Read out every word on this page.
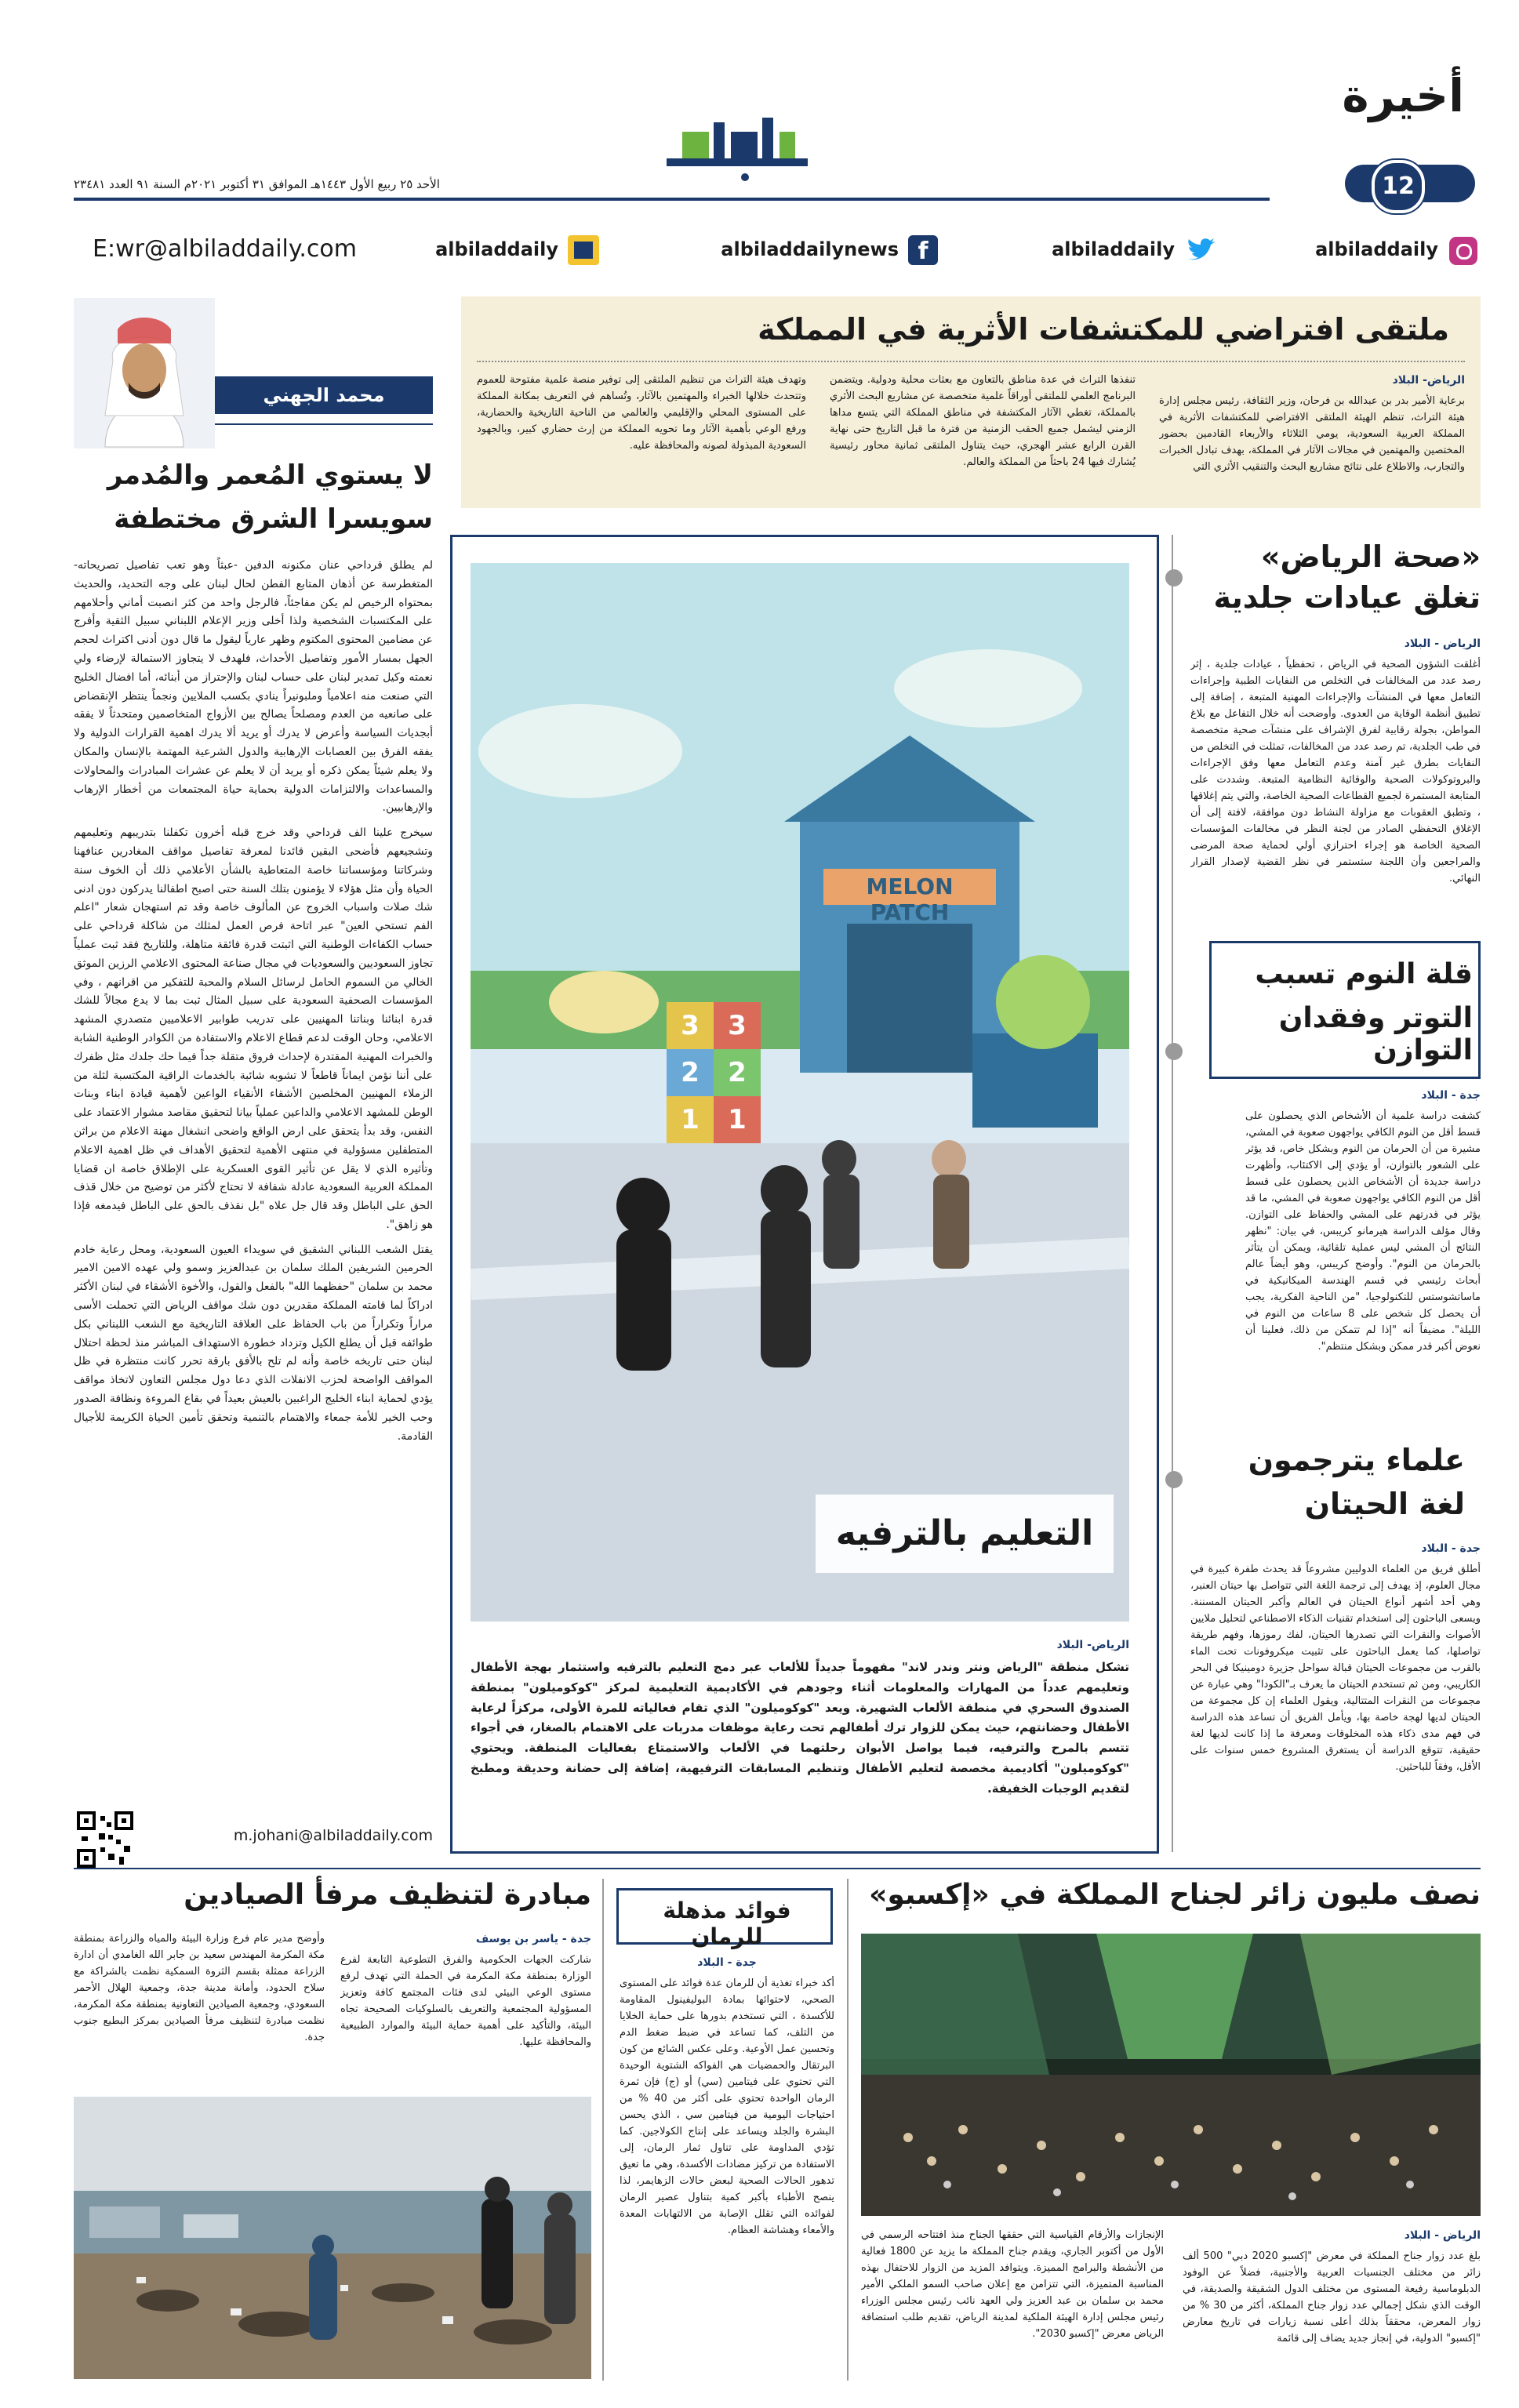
أخيرة
12
الأحد ٢٥ ربيع الأول ١٤٤٣هـ الموافق ٣١ أكتوبر ٢٠٢١م السنة ٩١ العدد ٢٣٤٨١
albiladdaily
albiladdaily
f
albiladdailynews
albiladdaily
E:wr@albiladdaily.com
ملتقى افتراضي للمكتشفات الأثرية في المملكة
الرياض- البلاد
برعاية الأمير بدر بن عبدالله بن فرحان، وزير الثقافة، رئيس مجلس إدارة هيئة التراث، تنظم الهيئة الملتقى الافتراضي للمكتشفات الأثرية في المملكة العربية السعودية، يومي الثلاثاء والأربعاء القادمين بحضور المختصين والمهتمين في مجالات الآثار في المملكة، بهدف تبادل الخبرات والتجارب، والاطلاع على نتائج مشاريع البحث والتنقيب الأثري التي
تنفذها التراث في عدة مناطق بالتعاون مع بعثات محلية ودولية. ويتضمن البرنامج العلمي للملتقى أوراقاً علمية متخصصة عن مشاريع البحث الأثري بالمملكة، تغطي الآثار المكتشفة في مناطق المملكة التي يتسع مداها الزمني ليشمل جميع الحقب الزمنية من فترة ما قبل التاريخ حتى نهاية القرن الرابع عشر الهجري، حيث يتناول الملتقى ثمانية محاور رئيسية يُشارك فيها 24 باحثاً من المملكة والعالم.
وتهدف هيئة التراث من تنظيم الملتقى إلى توفير منصة علمية مفتوحة للعموم وتتحدث خلالها الخبراء والمهتمين بالآثار، وتُساهم في التعريف بمكانة المملكة على المستوى المحلي والإقليمي والعالمي من الناحية التاريخية والحضارية، ورفع الوعي بأهمية الآثار وما تحويه المملكة من إرث حضاري كبير، وبالجهود السعودية المبذولة لصونه والمحافظة عليه.
محمد الجهني
لا يستوي المُعمر والمُدمر
سويسرا الشرق مختطفة

لم يطلق قرداحي عنان مكنونه الدفين -عبثاً وهو تعب تفاصيل تصريحاته- المتغطرسة عن أذهان المتابع الفطن لحال لبنان على وجه التحديد، والحديث بمحتواه الرخيص لم يكن مفاجئاً، فالرجل واحد من كثر انصبت أماني وأحلامهم على المكتسبات الشخصية ولذا أخلى وزير الإعلام اللبناني سبيل الثقية وأفرج عن مضامين المحتوى المكتوم وظهر عارياً ليقول ما قال دون أدنى اكتراث لحجم الجهل بمسار الأمور وتفاصيل الأحداث، فلهدف لا يتجاوز الاستمالة لإرضاء ولي نعمته وكيل تمدير لبنان على حساب لبنان والإحتراز من أبنائه، أما افضال الخليج التي صنعت منه اعلامياً وملبونيراً ينادي بكسب الملايين ونجماً ينتظر الإنقضاض على صانعيه من العدم ومصلحاً يصالح بين الأزواج المتخاصمين ومتحدثاً لا يفقه أبجديات السياسة وأعرض لا يدرك أو يريد ألا يدرك اهمية القرارات الدولية ولا يفقه الفرق بين العصابات الإرهابية والدول الشرعية المهتمة بالإنسان والمكان ولا يعلم شيئاً يمكن ذكره أو يريد أن لا يعلم عن عشرات المبادرات والمحاولات والمساعدات والالتزامات الدولية بحماية حياة المجتمعات من أخطار الإرهاب والإرهابيين.

سيخرج علينا الف قرداحي وقد خرج قبله أخرون تكفلنا بتدريبهم وتعليمهم وتشجيعهم فأضحى البقين قائدنا لمعرفة تفاصيل مواقف المغادرين عنافهنا وشركاتنا ومؤسساتنا خاصة المتعاطية بالشأن الأعلامي ذلك أن الخوف سنة الحياة وأن مثل هؤلاء لا يؤمنون بتلك السنة حتى اصبح اطفالنا يدركون دون ادنى شك صلات واسباب الخروج عن المألوف خاصة وقد تم استهجان شعار "اعلم الفم تستحي العين" عبر اتاحة فرص العمل لمثلك من شاكلة قرداحي على حساب الكفاءات الوطنية التي اثبتت قدرة فائقة متاهلة، وللتاريخ فقد ثبت عملياً تجاوز السعوديين والسعوديات في مجال صناعة المحتوى الاعلامي الرزين الموثق الخالي من السموم الحامل لرسائل السلام والمحبة للتفكير من اقرانهم ، وفي المؤسسات الصحفية السعودية على سبيل المثال ثبت بما لا يدع مجالاً للشك قدرة ابنائنا وبناتنا المهنيين على تدريب طوابير الاعلاميين متصدري المشهد الاعلامي، وحان الوقت لدعم قطاع الاعلام والاستفادة من الكوادر الوطنية الشابة والخبرات المهنية المقتدرة لإحداث فروق متقلة جداً فيما حك جلدك مثل ظفرك على أننا نؤمن ايماناً قاطعاً لا تشوبه شائبة بالخدمات الراقية المكتسبة لثلة من الزملاء المهنيين المخلصين الأشقاء الأنقياء الواعين لأهمية قيادة ابناء وبنات الوطن للمشهد الاعلامي والداعين عملياً بيانا لتحقيق مقاصد مشوار الاعتماد على النفس، وقد بدأ يتحقق على ارض الواقع واضحى انشغال مهنة الاعلام من براثن المتطفلين مسؤولية في منتهى الأهمية لتحقيق الأهداف في ظل اهمية الاعلام وتأثيره الذي لا يقل عن تأثير القوى العسكرية على الإطلاق خاصة ان قضايا المملكة العربية السعودية عادلة شفافة لا تحتاج لأكثر من توضيح من خلال قذف الحق على الباطل وقد قال جل علاه "بل نقذف بالحق على الباطل فيدمغه فإذا هو زاهق".

يقتل الشعب اللبناني الشقيق في سويداء العيون السعودية، ومحل رعاية خادم الحرمين الشريفين الملك سلمان بن عبدالعزيز وسمو ولي عهده الامين الامير محمد بن سلمان "حفظهما الله" بالفعل والقول، والأخوة الأشقاء في لبنان الأكثر ادراكاً لما قامته المملكة مقدرين دون شك مواقف الرياض التي تحملت الأسى مراراً وتكراراً من باب الحفاظ على العلاقة التاريخية مع الشعب اللبناني بكل طوائفه قبل أن يطلع الكيل وتزداد خطورة الاستهداف المباشر منذ لحظة احتلال لبنان حتى تاريخه خاصة وأنه لم تلح بالأفق بارقة تحرر كانت منتظرة في ظل المواقف الواضحة لحزب الانفلات الذي دعا دول مجلس التعاون لاتخاذ مواقف يؤدي لحماية ابناء الخليج الراغبين بالعيش بعيداً في بقاع المروءة ونظافة الصدور وحب الخير للأمة جمعاء والاهتمام بالتنمية وتحقق تأمين الحياة الكريمة للأجيال القادمة.

m.johani@albiladdaily.com
MELON PATCH
3	3
2	2
1	1
التعليم بالترفيه
الرياض- البلاد
تشكل منطقة "الرياض ونتر وندر لاند" مفهوماً جديداً للألعاب عبر دمج التعليم بالترفيه واستثمار بهجة الأطفال وتعليمهم عدداً من المهارات والمعلومات أثناء وجودهم في الأكاديمية التعليمية لمركز "كوكوميلون" بمنطقة الصندوق السحري في منطقة الألعاب الشهيرة. ويعد "كوكوميلون" الذي تقام فعالياته للمرة الأولى، مركزاً لرعاية الأطفال وحضانتهم، حيث يمكن للزوار ترك أطفالهم تحت رعاية موظفات مدربات على الاهتمام بالصغار، في أجواء تتسم بالمرح والترفيه، فيما يواصل الأبوان رحلتهما في الألعاب والاستمتاع بفعاليات المنطقة. ويحتوي "كوكوميلون" أكاديمية مخصصة لتعليم الأطفال وتنظيم المسابقات الترفيهية، إضافة إلى حضانة وحديقة ومطبخ لتقديم الوجبات الخفيفة.
«صحة الرياض»
تغلق عيادات جلدية
الرياض - البلاد
أغلقت الشؤون الصحية في الرياض ، تحفظياً ، عيادات جلدية ، إثر رصد عدد من المخالفات في التخلص من النفايات الطبية وإجراءات التعامل معها في المنشآت والإجراءات المهنية المتبعة ، إضافة إلى تطبيق أنظمة الوقاية من العدوى. وأوضحت أنه خلال التفاعل مع بلاغ المواطن، بجولة رقابية لفرق الإشراف على منشآت صحية متخصصة في طب الجلدية، تم رصد عدد من المخالفات، تمثلت في التخلص من النفايات بطرق غير آمنة وعدم التعامل معها وفق الإجراءات والبروتوكولات الصحية والوقائية النظامية المتبعة. وشددت على المتابعة المستمرة لجميع القطاعات الصحية الخاصة، والتي يتم إغلاقها ، وتطبق العقوبات مع مزاولة النشاط دون موافقة، لافتة إلى أن الإغلاق التحفظي الصادر من لجنة النظر في مخالفات المؤسسات الصحية الخاصة هو إجراء احترازي أولي لحماية صحة المرضى والمراجعين وأن اللجنة ستستمر في نظر القضية لإصدار القرار النهائي.
قلة النوم تسبب
التوتر وفقدان التوازن
جدة - البلاد
كشفت دراسة علمية أن الأشخاص الذي يحصلون على قسط أقل من النوم الكافي يواجهون صعوبة في المشي، مشيرة من أن الحرمان من النوم وبشكل خاص، قد يؤثر على الشعور بالتوازن، أو يؤدي إلى الاكتئاب، وأظهرت دراسة جديدة أن الأشخاص الذين يحصلون على قسط أقل من النوم الكافي يواجهون صعوبة في المشي، ما قد يؤثر في قدرتهم على المشي والحفاظ على التوازن. وقال مؤلف الدراسة هيرمانو كريبس، في بيان: "نظهر النتائج أن المشي ليس عملية تلقائية، ويمكن أن يتأثر بالحرمان من النوم". وأوضح كريبس، وهو أيضاً عالم أبحاث رئيسي في قسم الهندسة الميكانيكية في ماساتشوستس للتكنولوجيا، "من الناحية الفكرية، يجب أن يحصل كل شخص على 8 ساعات من النوم في الليلة". مضيفاً أنه "إذا لم تتمكن من ذلك، فعلينا أن نعوض أكبر قدر ممكن وبشكل منتظم".
علماء يترجمون
لغة الحيتان
جدة - البلاد
أطلق فريق من العلماء الدوليين مشروعاً قد يحدث طفرة كبيرة في مجال العلوم، إذ يهدف إلى ترجمة اللغة التي تتواصل بها حيتان العنبر، وهي أحد أشهر أنواع الحيتان في العالم وأكبر الحيتان المسننة. ويسعى الباحثون إلى استخدام تقنيات الذكاء الاصطناعي لتحليل ملايين الأصوات والنقرات التي تصدرها الحيتان، لفك رموزها، وفهم طريقة تواصلها، كما يعمل الباحثون على تثبيت ميكروفونات تحت الماء بالقرب من مجموعات الحيتان قبالة سواحل جزيرة دومينيكا في البحر الكاريبي، ومن ثم تستخدم الحيتان ما يعرف بـ"الكودا" وهي عبارة عن مجموعات من النقرات المتتالية، ويقول العلماء إن كل مجموعة من الحيتان لديها لهجة خاصة بها، ويأمل الفريق أن تساعد هذه الدراسة في فهم مدى ذكاء هذه المخلوقات ومعرفة ما إذا كانت لديها لغة حقيقية، تتوقع الدراسة أن يستغرق المشروع خمس سنوات على الأقل، وفقاً للباحثين.
نصف مليون زائر لجناح المملكة في «إكسبو»
الرياض - البلاد
بلغ عدد زوار جناح المملكة في معرض "إكسبو 2020 دبي" 500 ألف زائر من مختلف الجنسيات العربية والأجنبية، فضلاً عن الوفود الدبلوماسية رفيعة المستوى من مختلف الدول الشقيقة والصديقة، في الوقت الذي شكل إجمالي عدد زوار جناح المملكة، أكثر من 30 % من زوار المعرض، محققاً بذلك أعلى نسبة زيارات في تاريخ معارض "إكسبو" الدولية، في إنجاز جديد يضاف إلى قائمة
الإنجازات والأرقام القياسية التي حققها الجناح منذ افتتاحه الرسمي في الأول من أكتوبر الجاري، ويقدم جناح المملكة ما يزيد عن 1800 فعالية من الأنشطة والبرامج المميزة. ويتوافد المزيد من الزوار للاحتفال بهذه المناسبة المتميزة، التي تتزامن مع إعلان صاحب السمو الملكي الأمير محمد بن سلمان بن عبد العزيز ولي العهد نائب رئيس مجلس الوزراء رئيس مجلس إدارة الهيئة الملكية لمدينة الرياض، تقديم طلب استضافة الرياض معرض "إكسبو 2030".
فوائد مذهلة للرمان
جدة - البلاد
أكد خبراء تغذية أن للرمان عدة فوائد على المستوى الصحي، لاحتوائها بمادة البوليفينول المقاومة للأكسدة ، التي تستخدم بدورها على حماية الخلايا من التلف، كما تساعد في ضبط ضغط الدم وتحسين عمل الأوعية. وعلى عكس الشائع من كون البرتقال والحمضيات هي الفواكه الشتوية الوحيدة التي تحتوي على فيتامين (سي) أو (ج) فإن ثمرة الرمان الواحدة تحتوي على أكثر من 40 % من احتياجات اليومية من فيتامين سي ، الذي يحسن البشرة والجلد ويساعد على إنتاج الكولاجين. كما تؤدي المداومة على تناول ثمار الرمان، إلى الاستفادة من تركيز مضادات الأكسدة، وهي ما تعيق تدهور الحالات الصحية لبعض حالات الزهايمر، لذا ينصح الأطباء بأكبر كمية بتناول عصير الرمان لفوائده التي تقلل الإصابة من الالتهابات المعدة والأمعاء وهشاشة العظام.
مبادرة لتنظيف مرفأ الصيادين
جدة - ياسر بن يوسف
شاركت الجهات الحكومية والفرق التطوعية التابعة لفرع الوزارة بمنطقة مكة المكرمة في الحملة التي تهدف لرفع مستوى الوعي البيئي لدى فئات المجتمع كافة وتعزيز المسؤولية المجتمعية والتعريف بالسلوكيات الصحيحة تجاه البيئة، والتأكيد على أهمية حماية البيئة والموارد الطبيعية والمحافظة عليها.
وأوضح مدير عام فرع وزارة البيئة والمياه والزراعة بمنطقة مكة المكرمة المهندس سعيد بن جابر الله الغامدي أن ادارة الزراعة ممثلة بقسم الثروة السمكية نظمت بالشراكة مع سلاح الحدود، وأمانة مدينة جدة، وجمعية الهلال الأحمر السعودي، وجمعية الصيادين التعاونية بمنطقة مكة المكرمة، نظمت مبادرة لتنظيف مرفأ الصيادين بمركز البطيع جنوب جدة.
